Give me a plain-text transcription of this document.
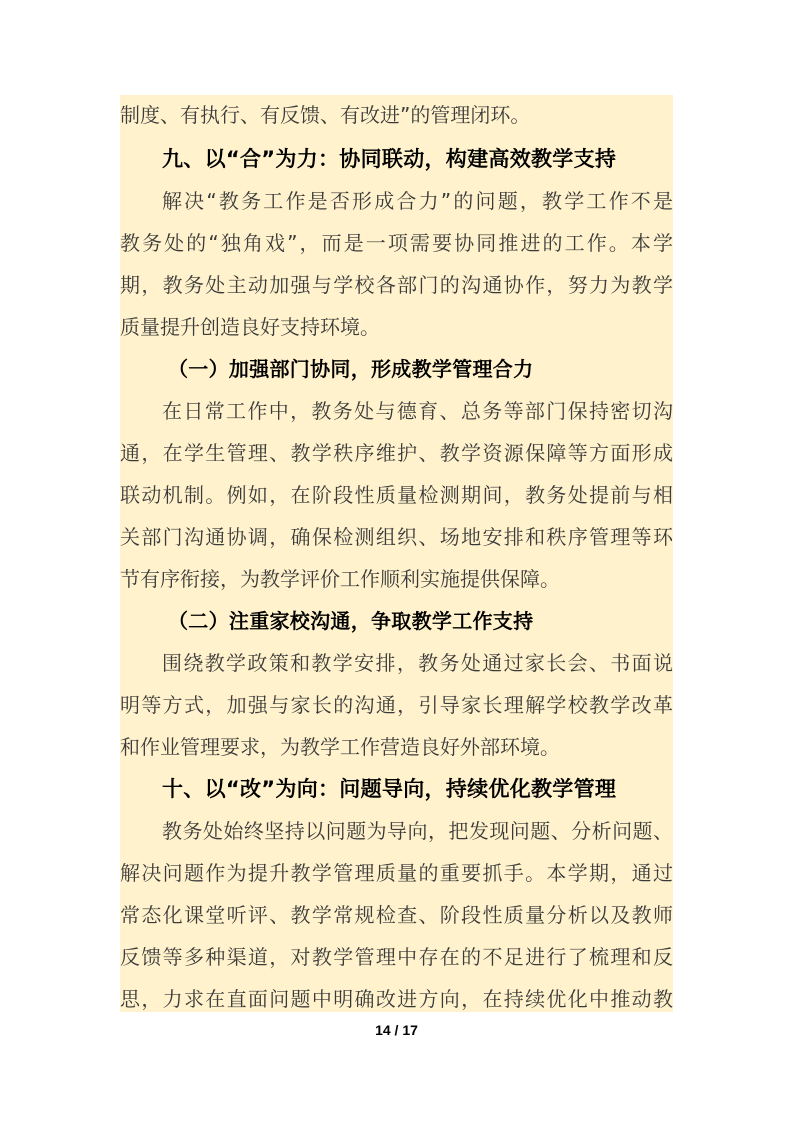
制度、有执行、有反馈、有改进”的管理闭环。
九、以“合”为力：协同联动，构建高效教学支持
解决“教务工作是否形成合力”的问题，教学工作不是
教务处的“独角戏”，而是一项需要协同推进的工作。本学
期，教务处主动加强与学校各部门的沟通协作，努力为教学
质量提升创造良好支持环境。
（一）加强部门协同，形成教学管理合力
在日常工作中，教务处与德育、总务等部门保持密切沟
通，在学生管理、教学秩序维护、教学资源保障等方面形成
联动机制。例如，在阶段性质量检测期间，教务处提前与相
关部门沟通协调，确保检测组织、场地安排和秩序管理等环
节有序衔接，为教学评价工作顺利实施提供保障。
（二）注重家校沟通，争取教学工作支持
围绕教学政策和教学安排，教务处通过家长会、书面说
明等方式，加强与家长的沟通，引导家长理解学校教学改革
和作业管理要求，为教学工作营造良好外部环境。
十、以“改”为向：问题导向，持续优化教学管理
教务处始终坚持以问题为导向，把发现问题、分析问题、
解决问题作为提升教学管理质量的重要抓手。本学期，通过
常态化课堂听评、教学常规检查、阶段性质量分析以及教师
反馈等多种渠道，对教学管理中存在的不足进行了梳理和反
思，力求在直面问题中明确改进方向，在持续优化中推动教
14 / 17
